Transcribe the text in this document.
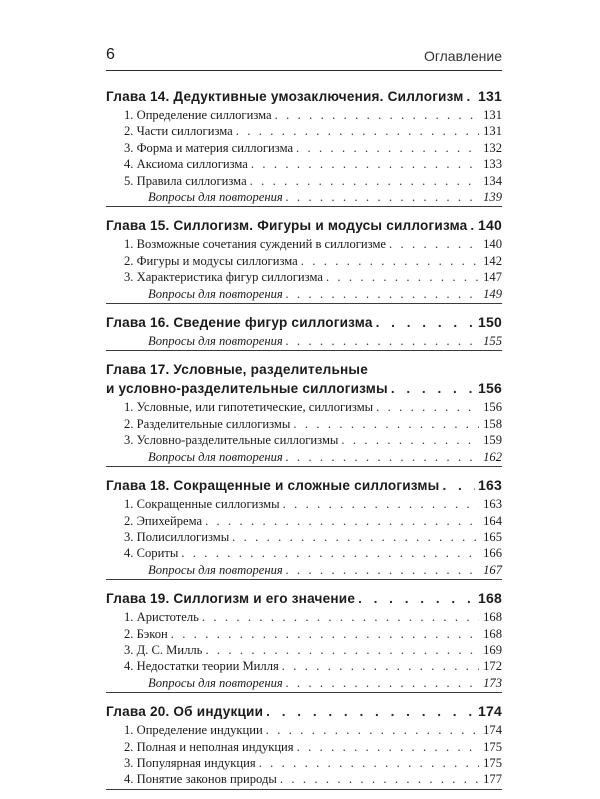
6	Оглавление
Глава 14. Дедуктивные умозаключения. Силлогизм . . . 131
1. Определение силлогизма . . .	131
2. Части силлогизма . . .	131
3. Форма и материя силлогизма . . .	132
4. Аксиома силлогизма . . .	133
5. Правила силлогизма . . .	134
Вопросы для повторения . . .	139
Глава 15. Силлогизм. Фигуры и модусы силлогизма . . . 140
1. Возможные сочетания суждений в силлогизме . . .	140
2. Фигуры и модусы силлогизма . . .	142
3. Характеристика фигур силлогизма . . .	147
Вопросы для повторения . . .	149
Глава 16. Сведение фигур силлогизма . . .	150
Вопросы для повторения . . .	155
Глава 17. Условные, разделительные
и условно-разделительные силлогизмы . . .	156
1. Условные, или гипотетические, силлогизмы . . .	156
2. Разделительные силлогизмы . . .	158
3. Условно-разделительные силлогизмы . . .	159
Вопросы для повторения . . .	162
Глава 18. Сокращенные и сложные силлогизмы . . .	163
1. Сокращенные силлогизмы . . .	163
2. Эпихейрема . . .	164
3. Полисиллогизмы . . .	165
4. Сориты . . .	166
Вопросы для повторения . . .	167
Глава 19. Силлогизм и его значение . . .	168
1. Аристотель . . .	168
2. Бэкон . . .	168
3. Д. С. Милль . . .	169
4. Недостатки теории Милля . . .	172
Вопросы для повторения . . .	173
Глава 20. Об индукции . . .	174
1. Определение индукции . . .	174
2. Полная и неполная индукция . . .	175
3. Популярная индукция . . .	175
4. Понятие законов природы . . .	177
